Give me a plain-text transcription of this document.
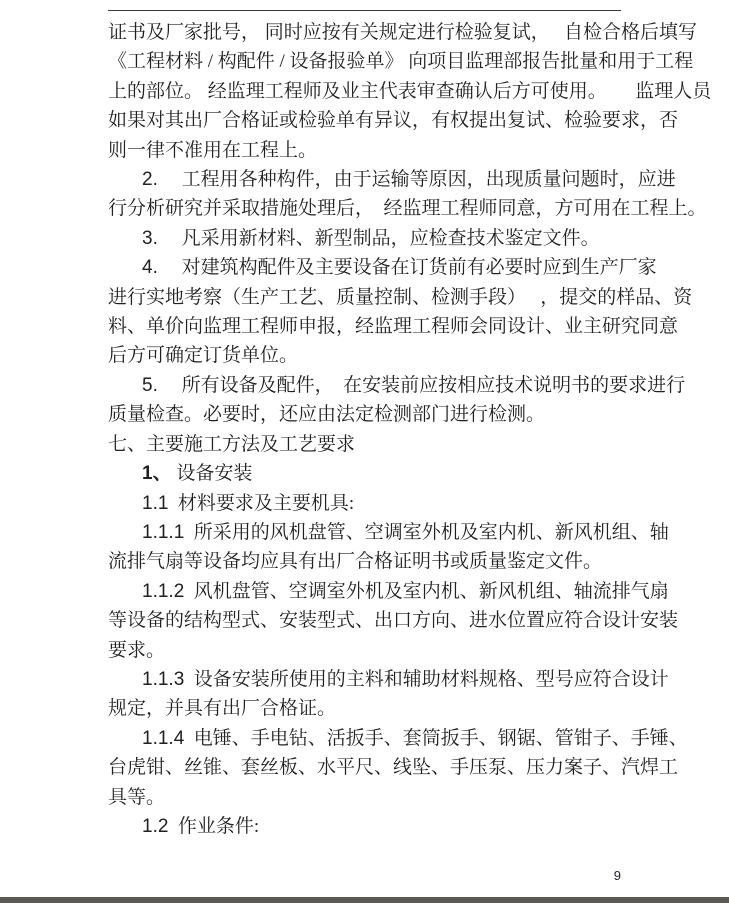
证书及厂家批号， 同时应按有关规定进行检验复试，　 自检合格后填写

《工程材料 / 构配件 / 设备报验单》 向项目监理部报告批量和用于工程

上的部位。 经监理工程师及业主代表审查确认后方可使用。　　监理人员

如果对其出厂合格证或检验单有异议，有权提出复试、检验要求，否

则一律不准用在工程上。

2.　 工程用各种构件，由于运输等原因，出现质量问题时，应进

行分析研究并采取措施处理后，　经监理工程师同意，方可用在工程上。

3.　 凡采用新材料、新型制品，应检查技术鉴定文件。

4.　 对建筑构配件及主要设备在订货前有必要时应到生产厂家

进行实地考察（生产工艺、质量控制、检测手段）　 ，提交的样品、资

料、单价向监理工程师申报，经监理工程师会同设计、业主研究同意

后方可确定订货单位。

5.　 所有设备及配件，　在安装前应按相应技术说明书的要求进行

质量检查。必要时，还应由法定检测部门进行检测。

七、主要施工方法及工艺要求

1、 设备安装

1.1  材料要求及主要机具:

1.1.1  所采用的风机盘管、空调室外机及室内机、新风机组、轴

流排气扇等设备均应具有出厂合格证明书或质量鉴定文件。

1.1.2  风机盘管、空调室外机及室内机、新风机组、轴流排气扇

等设备的结构型式、安装型式、出口方向、进水位置应符合设计安装

要求。

1.1.3  设备安装所使用的主料和辅助材料规格、型号应符合设计

规定，并具有出厂合格证。

1.1.4  电锤、手电钻、活扳手、套筒扳手、钢锯、管钳子、手锤、

台虎钳、丝锥、套丝板、水平尺、线坠、手压泵、压力案子、汽焊工

具等。

1.2  作业条件:

9
